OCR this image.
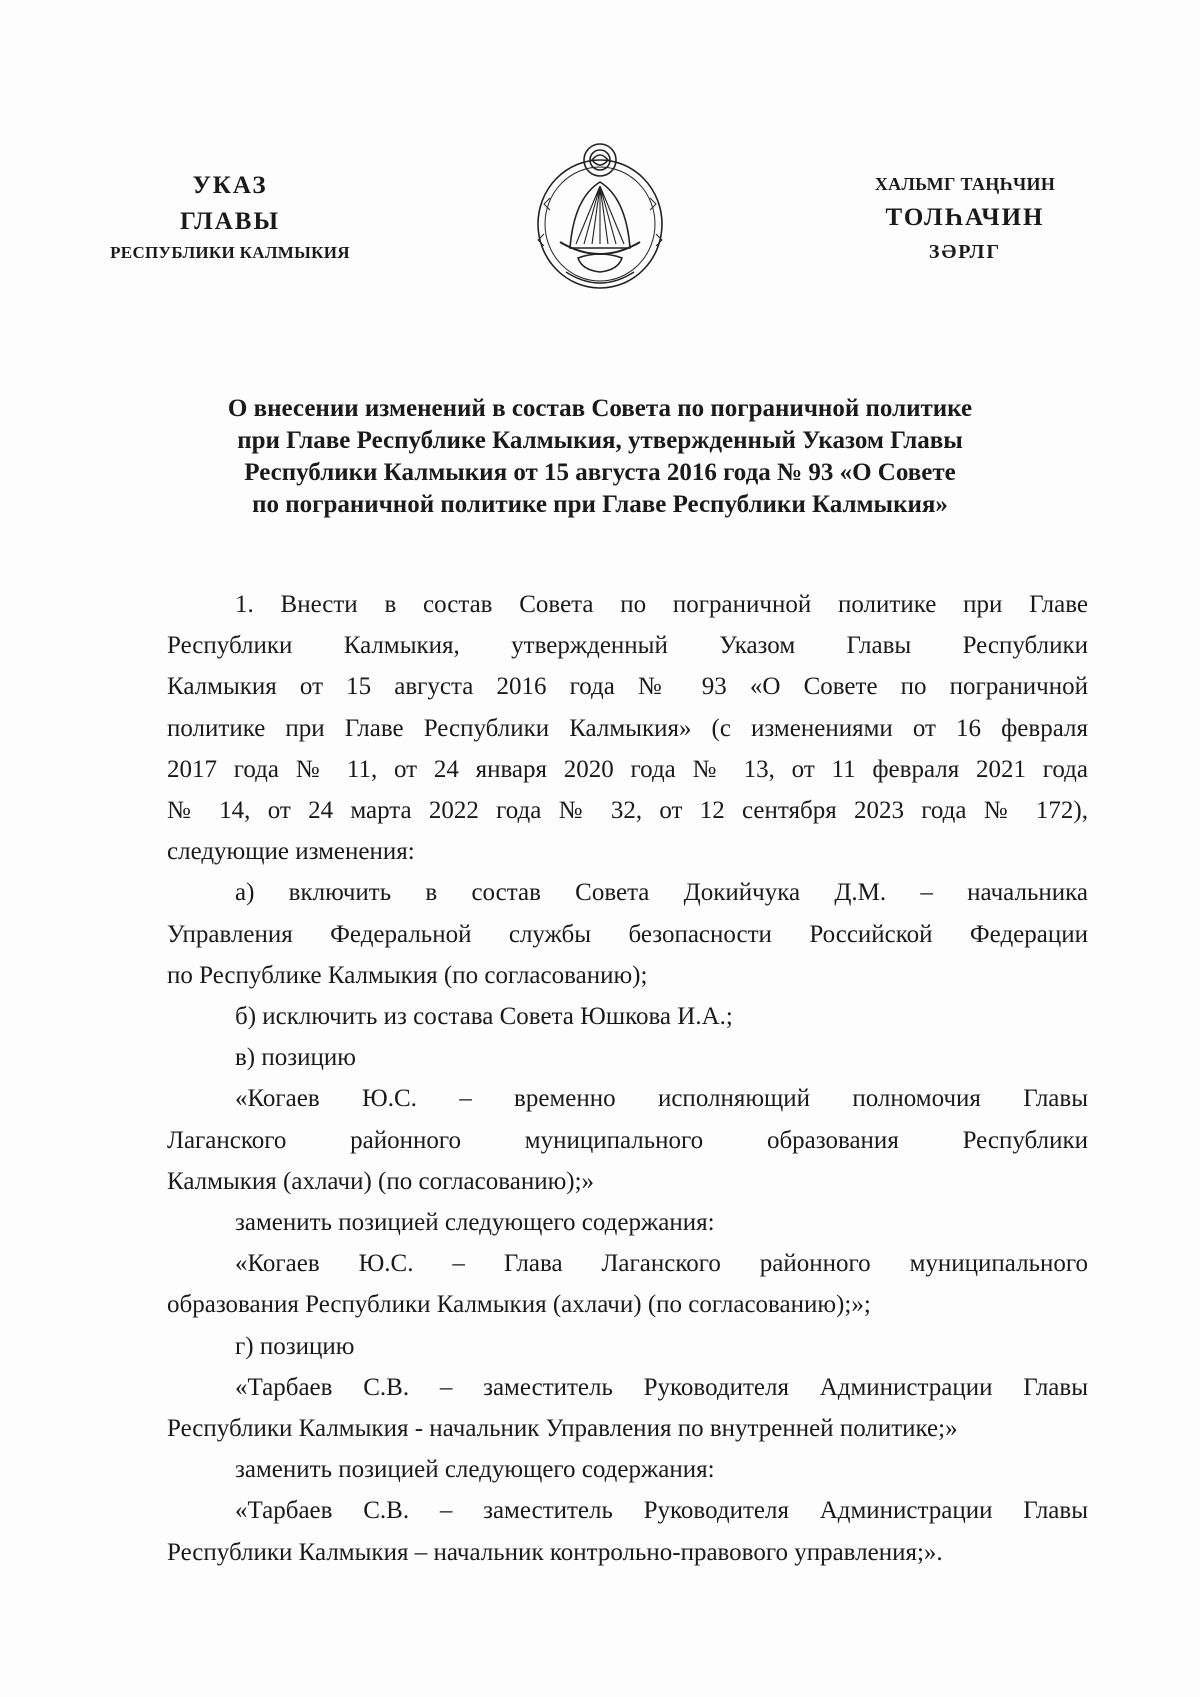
УКАЗ
ГЛАВЫ
РЕСПУБЛИКИ КАЛМЫКИЯ
ХАЛЬМГ ТАҢҺЧИН
ТОЛҺАЧИН
ЗӘРЛГ
О внесении изменений в состав Совета по пограничной политике
при Главе Республике Калмыкия, утвержденный Указом Главы
Республики Калмыкия от 15 августа 2016 года № 93 «О Совете
по пограничной политике при Главе Республики Калмыкия»
1. Внести в состав Совета по пограничной политике при Главе
Республики Калмыкия, утвержденный Указом Главы Республики
Калмыкия от 15 августа 2016 года № 93 «О Совете по пограничной
политике при Главе Республики Калмыкия» (с изменениями от 16 февраля
2017 года № 11, от 24 января 2020 года № 13, от 11 февраля 2021 года
№ 14, от 24 марта 2022 года № 32, от 12 сентября 2023 года № 172),
следующие изменения:
а) включить в состав Совета Докийчука Д.М. – начальника
Управления Федеральной службы безопасности Российской Федерации
по Республике Калмыкия (по согласованию);
б) исключить из состава Совета Юшкова И.А.;
в) позицию
«Когаев Ю.С. – временно исполняющий полномочия Главы
Лаганского районного муниципального образования Республики
Калмыкия (ахлачи) (по согласованию);»
заменить позицией следующего содержания:
«Когаев Ю.С. – Глава Лаганского районного муниципального
образования Республики Калмыкия (ахлачи) (по согласованию);»;
г) позицию
«Тарбаев С.В. – заместитель Руководителя Администрации Главы
Республики Калмыкия - начальник Управления по внутренней политике;»
заменить позицией следующего содержания:
«Тарбаев С.В. – заместитель Руководителя Администрации Главы
Республики Калмыкия – начальник контрольно-правового управления;».
